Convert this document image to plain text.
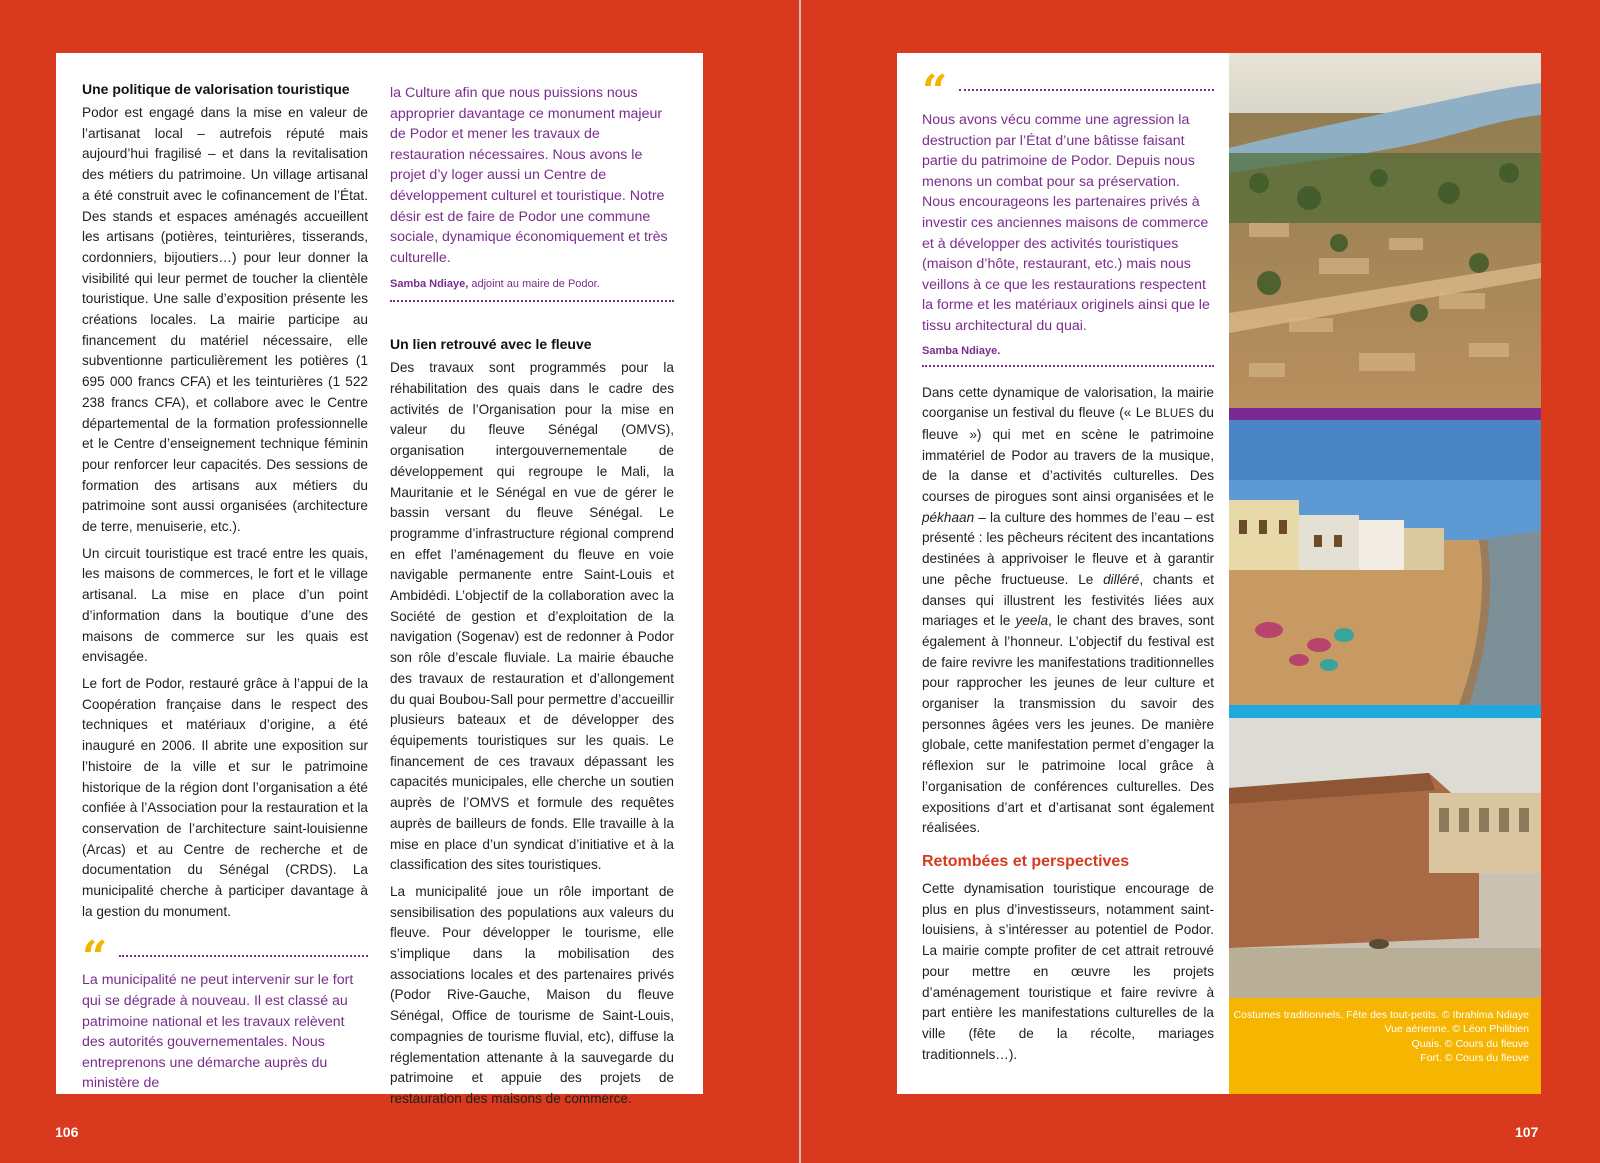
Une politique de valorisation touristique

Podor est engagé dans la mise en valeur de l’artisanat local – autrefois réputé mais aujourd’hui fragilisé – et dans la revitalisation des métiers du patrimoine. Un village artisanal a été construit avec le cofinancement de l’État. Des stands et espaces aménagés accueillent les artisans (potières, teinturières, tisserands, cordonniers, bijoutiers…) pour leur donner la visibilité qui leur permet de toucher la clientèle touristique. Une salle d’exposition présente les créations locales. La mairie participe au financement du matériel nécessaire, elle subventionne particulièrement les potières (1 695 000 francs CFA) et les teinturières (1 522 238 francs CFA), et collabore avec le Centre départemental de la formation professionnelle et le Centre d’enseignement technique féminin pour renforcer leur capacités. Des sessions de formation des artisans aux métiers du patrimoine sont aussi organisées (architecture de terre, menuiserie, etc.).

Un circuit touristique est tracé entre les quais, les maisons de commerces, le fort et le village artisanal. La mise en place d’un point d’information dans la boutique d’une des maisons de commerce sur les quais est envisagée.

Le fort de Podor, restauré grâce à l’appui de la Coopération française dans le respect des techniques et matériaux d’origine, a été inauguré en 2006. Il abrite une exposition sur l’histoire de la ville et sur le patrimoine historique de la région dont l’organisation a été confiée à l’Association pour la restauration et la conservation de l’architecture saint-louisienne (Arcas) et au Centre de recherche et de documentation du Sénégal (CRDS). La municipalité cherche à participer davantage à la gestion du monument.

“

La municipalité ne peut intervenir sur le fort qui se dégrade à nouveau. Il est classé au patrimoine national et les travaux relèvent des autorités gouvernementales. Nous entreprenons une démarche auprès du ministère de

la Culture afin que nous puissions nous approprier davantage ce monument majeur de Podor et mener les travaux de restauration nécessaires. Nous avons le projet d’y loger aussi un Centre de développement culturel et touristique. Notre désir est de faire de Podor une commune sociale, dynamique économiquement et très culturelle.

Samba Ndiaye, adjoint au maire de Podor.
Un lien retrouvé avec le fleuve

Des travaux sont programmés pour la réhabilitation des quais dans le cadre des activités de l’Organisation pour la mise en valeur du fleuve Sénégal (OMVS), organisation intergouvernementale de développement qui regroupe le Mali, la Mauritanie et le Sénégal en vue de gérer le bassin versant du fleuve Sénégal. Le programme d’infrastructure régional comprend en effet l’aménagement du fleuve en voie navigable permanente entre Saint-Louis et Ambidédi. L’objectif de la collaboration avec la Société de gestion et d’exploitation de la navigation (Sogenav) est de redonner à Podor son rôle d’escale fluviale. La mairie ébauche des travaux de restauration et d’allongement du quai Boubou-Sall pour permettre d’accueillir plusieurs bateaux et de développer des équipements touristiques sur les quais. Le financement de ces travaux dépassant les capacités municipales, elle cherche un soutien auprès de l’OMVS et formule des requêtes auprès de bailleurs de fonds. Elle travaille à la mise en place d’un syndicat d’initiative et à la classification des sites touristiques.

La municipalité joue un rôle important de sensibilisation des populations aux valeurs du fleuve. Pour développer le tourisme, elle s’implique dans la mobilisation des associations locales et des partenaires privés (Podor Rive-Gauche, Maison du fleuve Sénégal, Office de tourisme de Saint-Louis, compagnies de tourisme fluvial, etc), diffuse la réglementation attenante à la sauvegarde du patrimoine et appuie des projets de restauration des maisons de commerce.

106
“

Nous avons vécu comme une agression la destruction par l’État d’une bâtisse faisant partie du patrimoine de Podor. Depuis nous menons un combat pour sa préservation. Nous encourageons les partenaires privés à investir ces anciennes maisons de commerce et à développer des activités touristiques (maison d’hôte, restaurant, etc.) mais nous veillons à ce que les restaurations respectent la forme et les matériaux originels ainsi que le tissu architectural du quai.

Samba Ndiaye.

Dans cette dynamique de valorisation, la mairie coorganise un festival du fleuve (« Le BLUES du fleuve ») qui met en scène le patrimoine immatériel de Podor au travers de la musique, de la danse et d’activités culturelles. Des courses de pirogues sont ainsi organisées et le pékhaan – la culture des hommes de l’eau – est présenté : les pêcheurs récitent des incantations destinées à apprivoiser le fleuve et à garantir une pêche fructueuse. Le dilléré, chants et danses qui illustrent les festivités liées aux mariages et le yeela, le chant des braves, sont également à l’honneur. L’objectif du festival est de faire revivre les manifestations traditionnelles pour rapprocher les jeunes de leur culture et organiser la transmission du savoir des personnes âgées vers les jeunes. De manière globale, cette manifestation permet d’engager la réflexion sur le patrimoine local grâce à l’organisation de conférences culturelles. Des expositions d’art et d’artisanat sont également réalisées.

Retombées et perspectives

Cette dynamisation touristique encourage de plus en plus d’investisseurs, notamment saint-louisiens, à s’intéresser au potentiel de Podor. La mairie compte profiter de cet attrait retrouvé pour mettre en œuvre les projets d’aménagement touristique et faire revivre à part entière les manifestations culturelles de la ville (fête de la récolte, mariages traditionnels…).

Costumes traditionnels, Fête des tout-petits. © Ibrahima Ndiaye
Vue aérienne. © Léon Philibien
Quais. © Cours du fleuve
Fort. © Cours du fleuve
107
